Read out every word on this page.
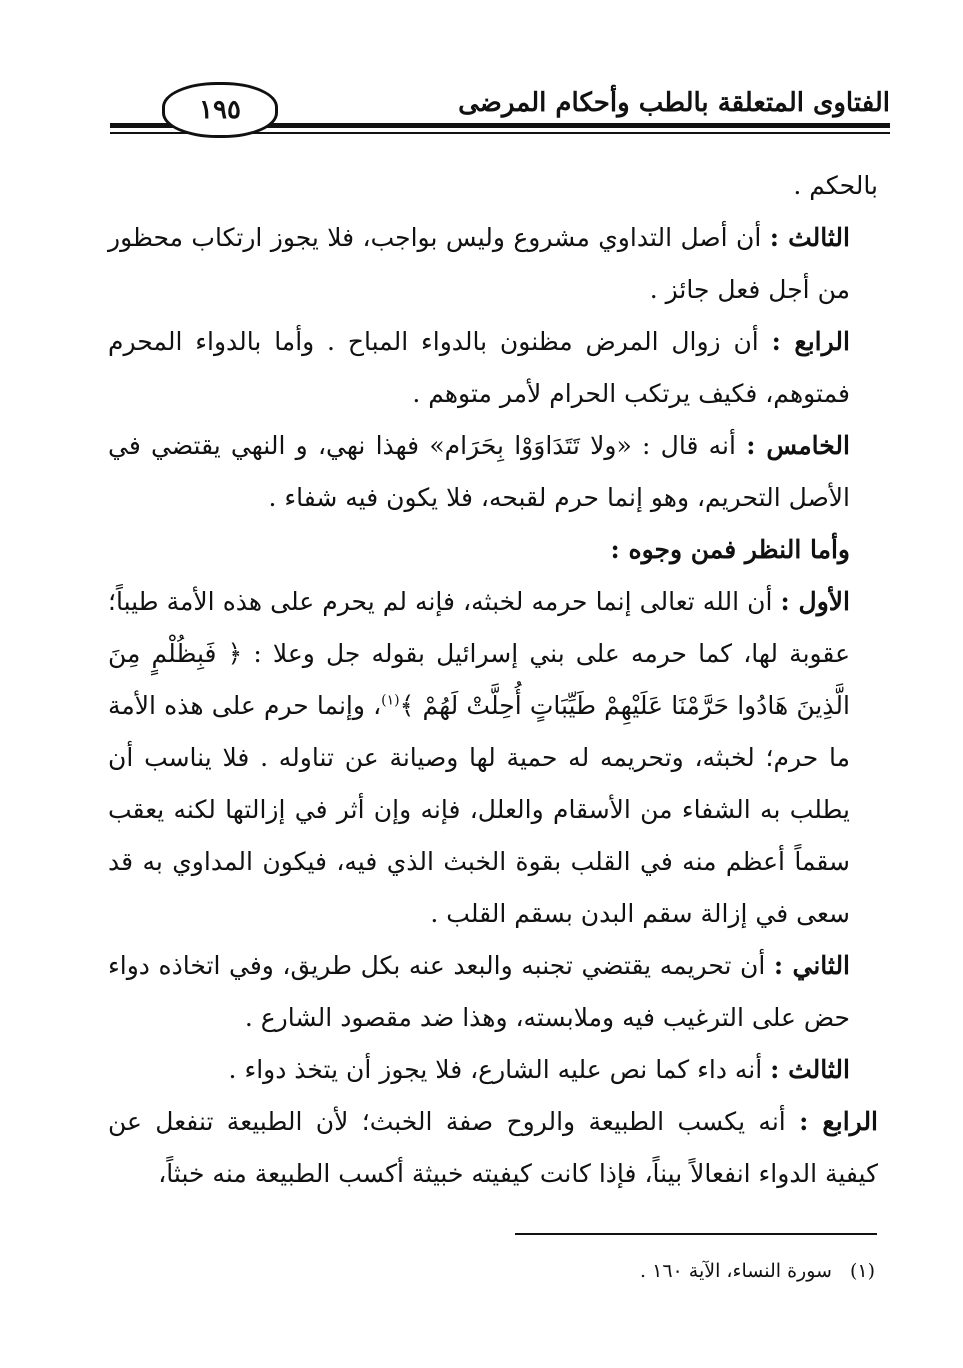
الفتاوى المتعلقة بالطب وأحكام المرضى
١٩٥

بالحكم .

الثالث : أن أصل التداوي مشروع وليس بواجب، فلا يجوز ارتكاب محظور من أجل فعل جائز .

الرابع : أن زوال المرض مظنون بالدواء المباح . وأما بالدواء المحرم فمتوهم، فكيف يرتكب الحرام لأمر متوهم .

الخامس : أنه قال : «ولا تَتَدَاوَوْا بِحَرَام» فهذا نهي، و النهي يقتضي في الأصل التحريم، وهو إنما حرم لقبحه، فلا يكون فيه شفاء .

وأما النظر فمن وجوه :

الأول : أن الله تعالى إنما حرمه لخبثه، فإنه لم يحرم على هذه الأمة طيباً؛ عقوبة لها، كما حرمه على بني إسرائيل بقوله جل وعلا : ﴿ فَبِظُلْمٍ مِنَ الَّذِينَ هَادُوا حَرَّمْنَا عَلَيْهِمْ طَيِّبَاتٍ أُحِلَّتْ لَهُمْ ﴾$^{(١)}$، وإنما حرم على هذه الأمة ما حرم؛ لخبثه، وتحريمه له حمية لها وصيانة عن تناوله . فلا يناسب أن يطلب به الشفاء من الأسقام والعلل، فإنه وإن أثر في إزالتها لكنه يعقب سقماً أعظم منه في القلب بقوة الخبث الذي فيه، فيكون المداوي به قد سعى في إزالة سقم البدن بسقم القلب .

الثاني : أن تحريمه يقتضي تجنبه والبعد عنه بكل طريق، وفي اتخاذه دواء حض على الترغيب فيه وملابسته، وهذا ضد مقصود الشارع .

الثالث : أنه داء كما نص عليه الشارع، فلا يجوز أن يتخذ دواء .

الرابع : أنه يكسب الطبيعة والروح صفة الخبث؛ لأن الطبيعة تنفعل عن كيفية الدواء انفعالاً بيناً، فإذا كانت كيفيته خبيثة أكسب الطبيعة منه خبثاً،

(١)سورة النساء، الآية ١٦٠ .
